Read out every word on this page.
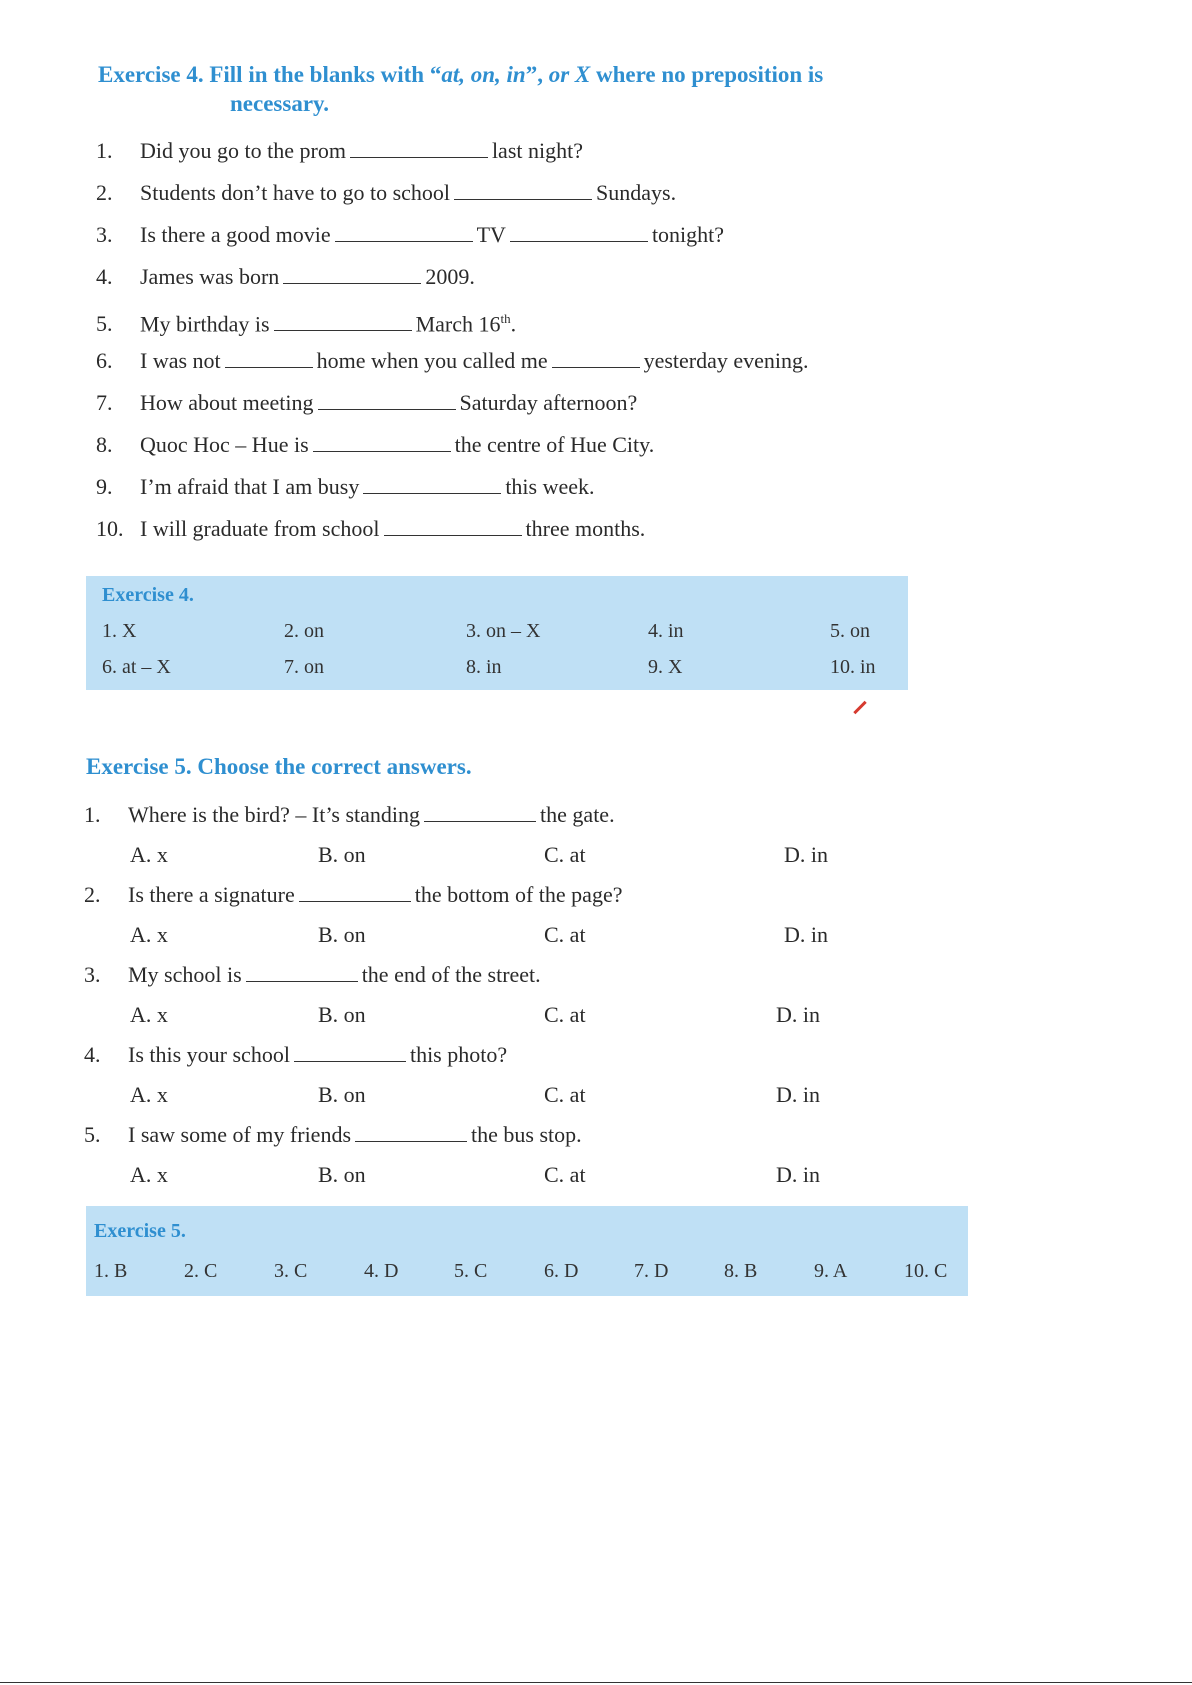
Exercise 4. Fill in the blanks with “at, on, in”, or X where no preposition is
necessary.
1. Did you go to the prom	last night?
2. Students don’t have to go to school	Sundays.
3. Is there a good movie	TV	tonight?
4. James was born	2009.
5. My birthday is	March 16th.
6. I was not	home when you called me	yesterday evening.
7. How about meeting	Saturday afternoon?
8. Quoc Hoc – Hue is	the centre of Hue City.
9. I’m afraid that I am busy	this week.
10. I will graduate from school	three months.
Exercise 4.
1. X	2. on	3. on – X	4. in	5. on
6. at – X	7. on	8. in	9. X	10. in
Exercise 5. Choose the correct answers.
1. Where is the bird? – It’s standing	the gate.
A. x	B. on	C. at	D. in
2. Is there a signature	the bottom of the page?
A. x	B. on	C. at	D. in
3. My school is	the end of the street.
A. x	B. on	C. at	D. in
4. Is this your school	this photo?
A. x	B. on	C. at	D. in
5. I saw some of my friends	the bus stop.
A. x	B. on	C. at	D. in
Exercise 5.
1. B	2. C	3. C	4. D	5. C	6. D	7. D	8. B	9. A	10. C
